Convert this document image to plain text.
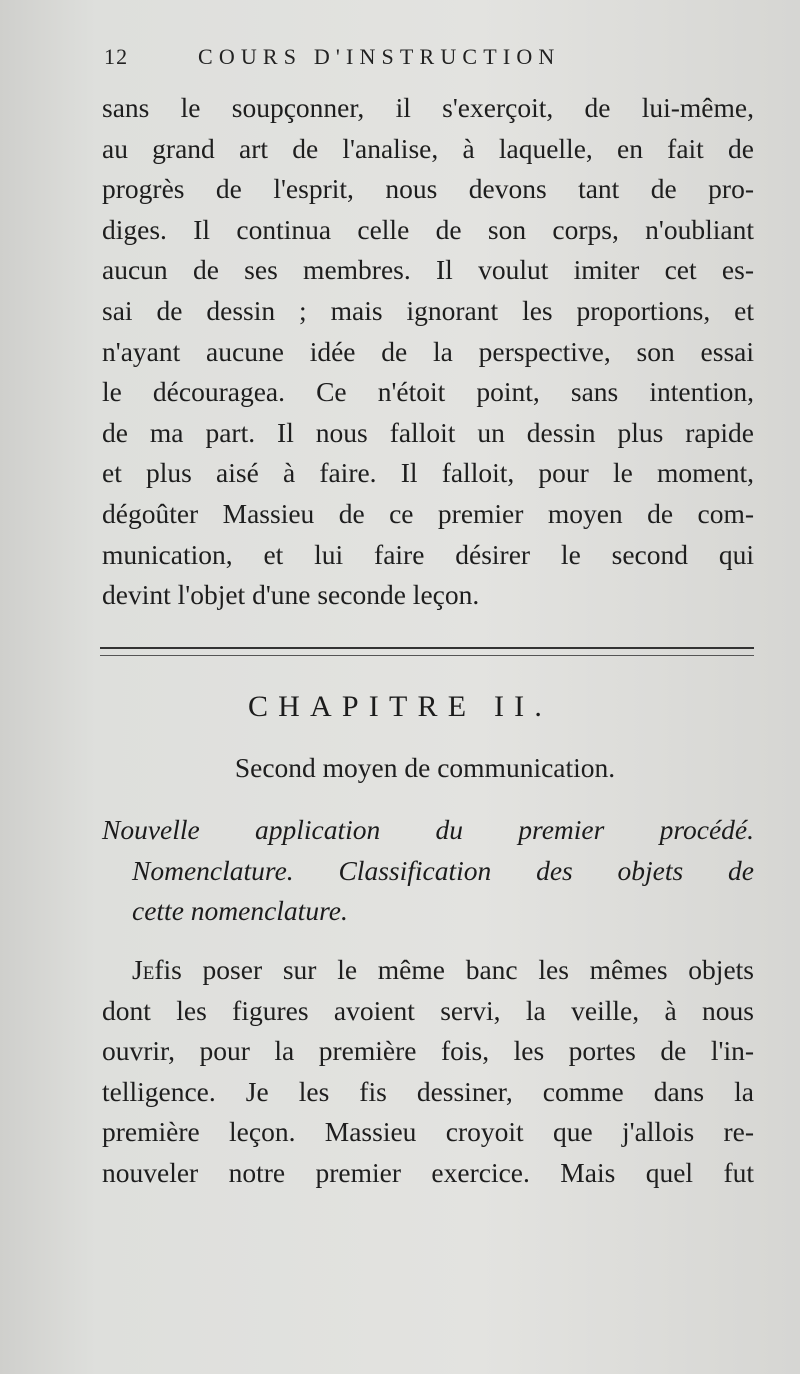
12	COURS D'INSTRUCTION
sans le soupçonner, il s'exerçoit, de lui-même,
au grand art de l'analise, à laquelle, en fait de
progrès de l'esprit, nous devons tant de pro-
diges. Il continua celle de son corps, n'oubliant
aucun de ses membres. Il voulut imiter cet es-
sai de dessin ; mais ignorant les proportions, et
n'ayant aucune idée de la perspective, son essai
le découragea. Ce n'étoit point, sans intention,
de ma part. Il nous falloit un dessin plus rapide
et plus aisé à faire. Il falloit, pour le moment,
dégoûter Massieu de ce premier moyen de com-
munication, et lui faire désirer le second qui
devint l'objet d'une seconde leçon.
CHAPITRE II.
Second moyen de communication.
Nouvelle application du premier procédé.
Nomenclature. Classification des objets de
cette nomenclature.
Jefis poser sur le même banc les mêmes objets
dont les figures avoient servi, la veille, à nous
ouvrir, pour la première fois, les portes de l'in-
telligence. Je les fis dessiner, comme dans la
première leçon. Massieu croyoit que j'allois re-
nouveler notre premier exercice. Mais quel fut
